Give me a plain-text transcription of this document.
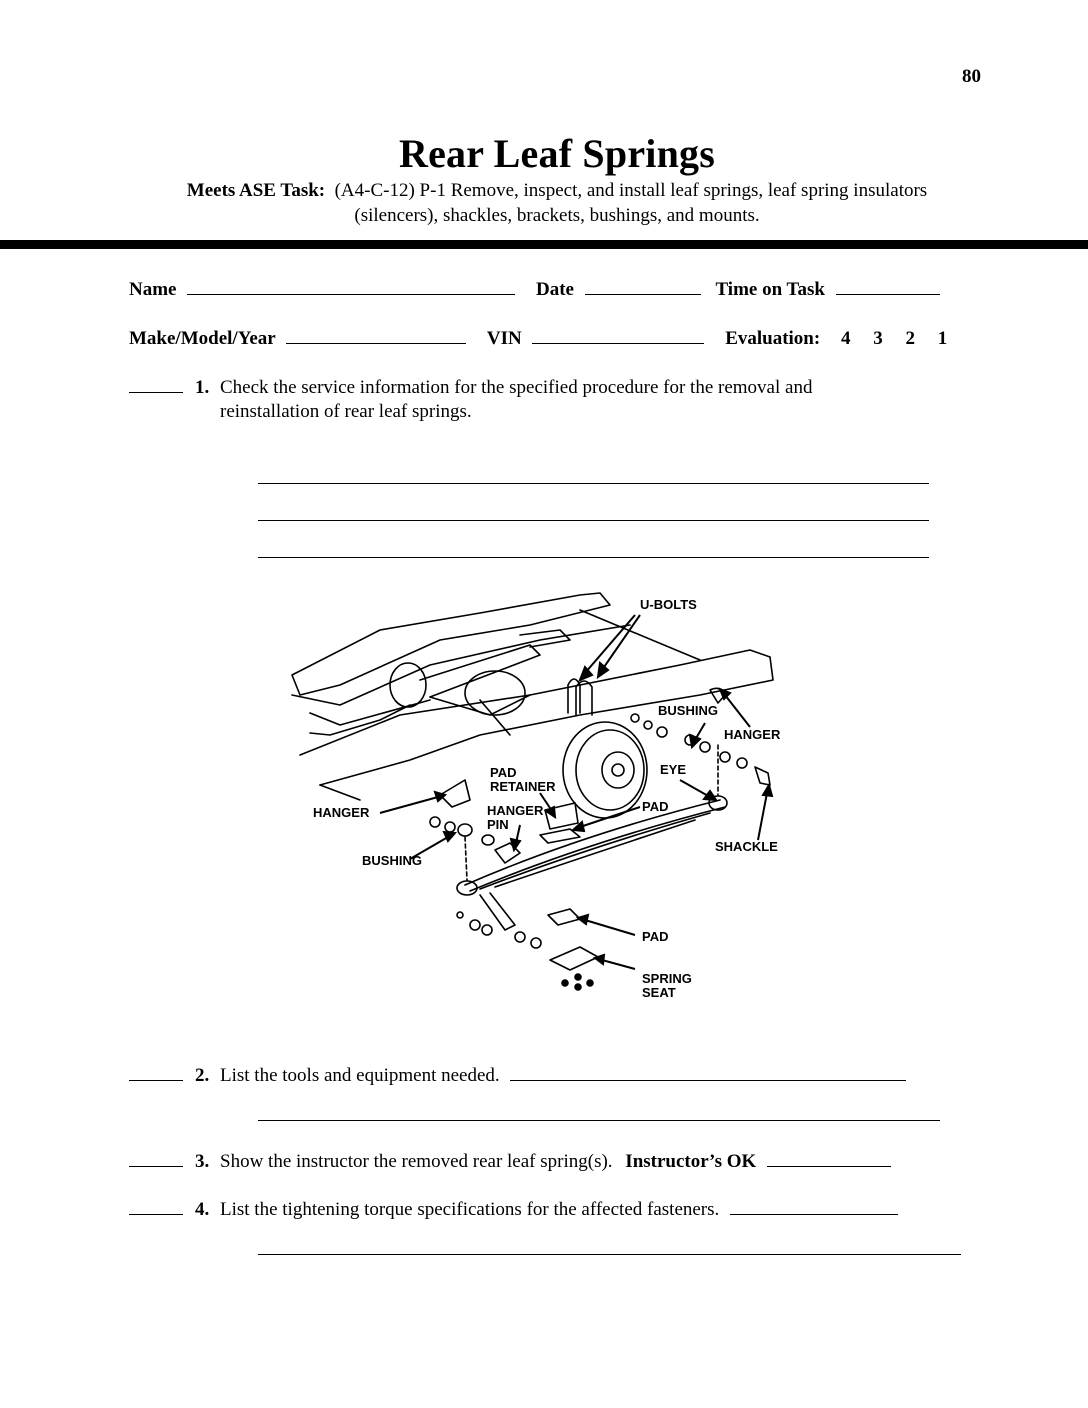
80
Rear Leaf Springs
Meets ASE Task: (A4-C-12) P-1 Remove, inspect, and install leaf springs, leaf spring insulators
(silencers), shackles, brackets, bushings, and mounts.
Name	Date	Time on Task
Make/Model/Year	VIN	Evaluation: 4 3 2 1
1. Check the service information for the specified procedure for the removal and
reinstallation of rear leaf springs.
U-BOLTS
BUSHING
HANGER
EYE
PAD
RETAINER
HANGER	HANGER
PIN
PAD
SHACKLE
BUSHING
PAD
SPRING
SEAT
2. List the tools and equipment needed.
3. Show the instructor the removed rear leaf spring(s). Instructor’s OK
4. List the tightening torque specifications for the affected fasteners.
